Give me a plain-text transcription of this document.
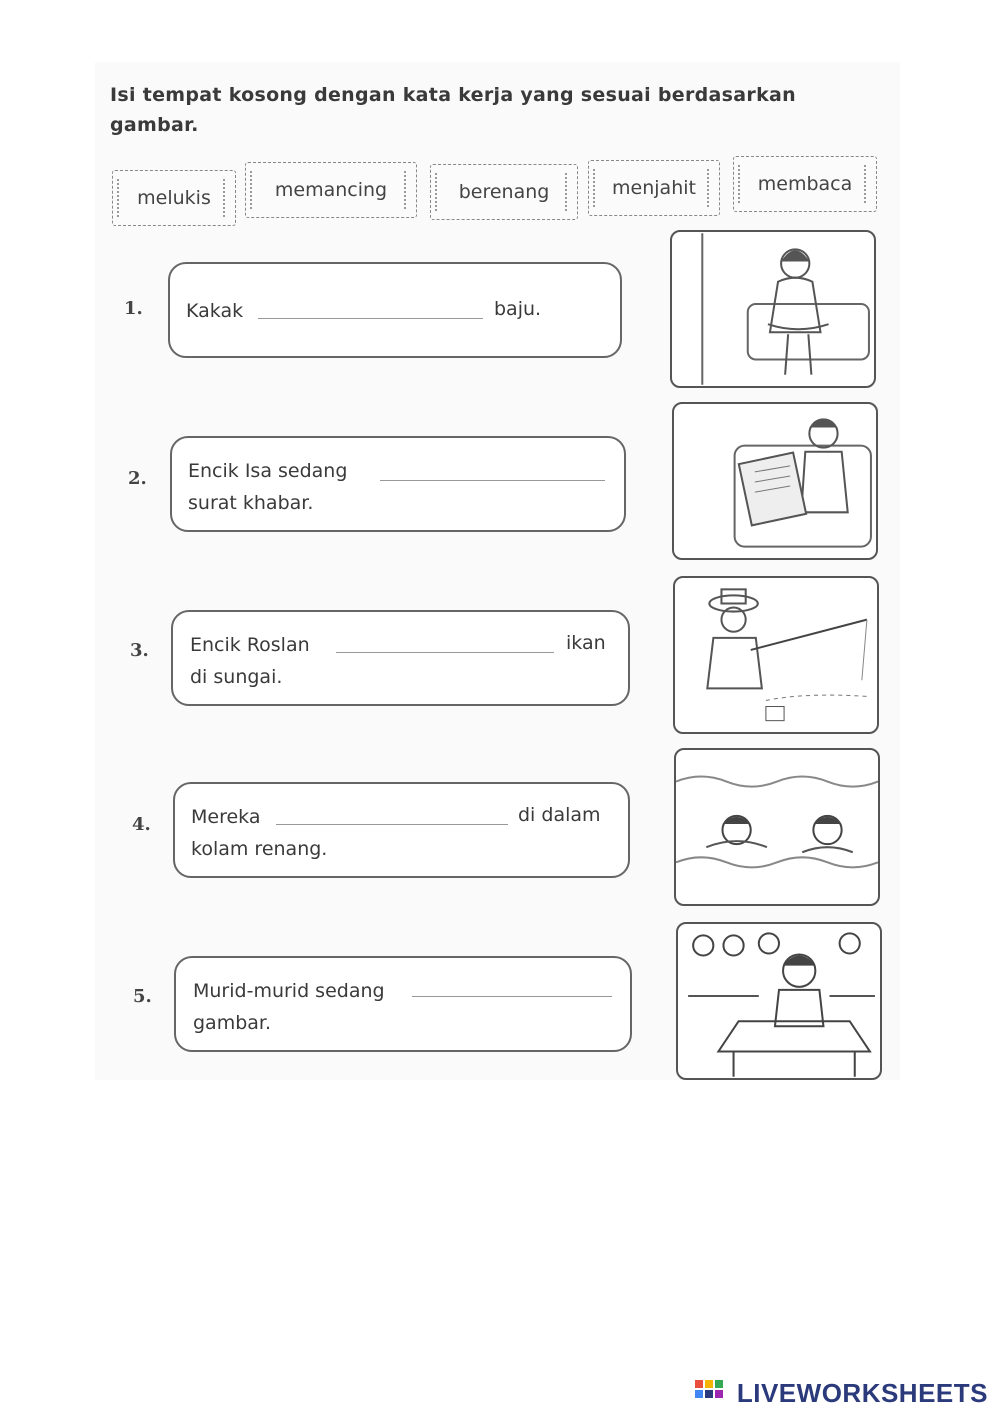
Isi tempat kosong dengan kata kerja yang sesuai berdasarkan gambar.
melukis	memancing	berenang	menjahit	membaca
1. Kakak	baju.
2. Encik Isa sedang
surat khabar.
3. Encik Roslan	ikan
di sungai.
4. Mereka	di dalam
kolam renang.
5. Murid-murid sedang
gambar.
LIVEWORKSHEETS
